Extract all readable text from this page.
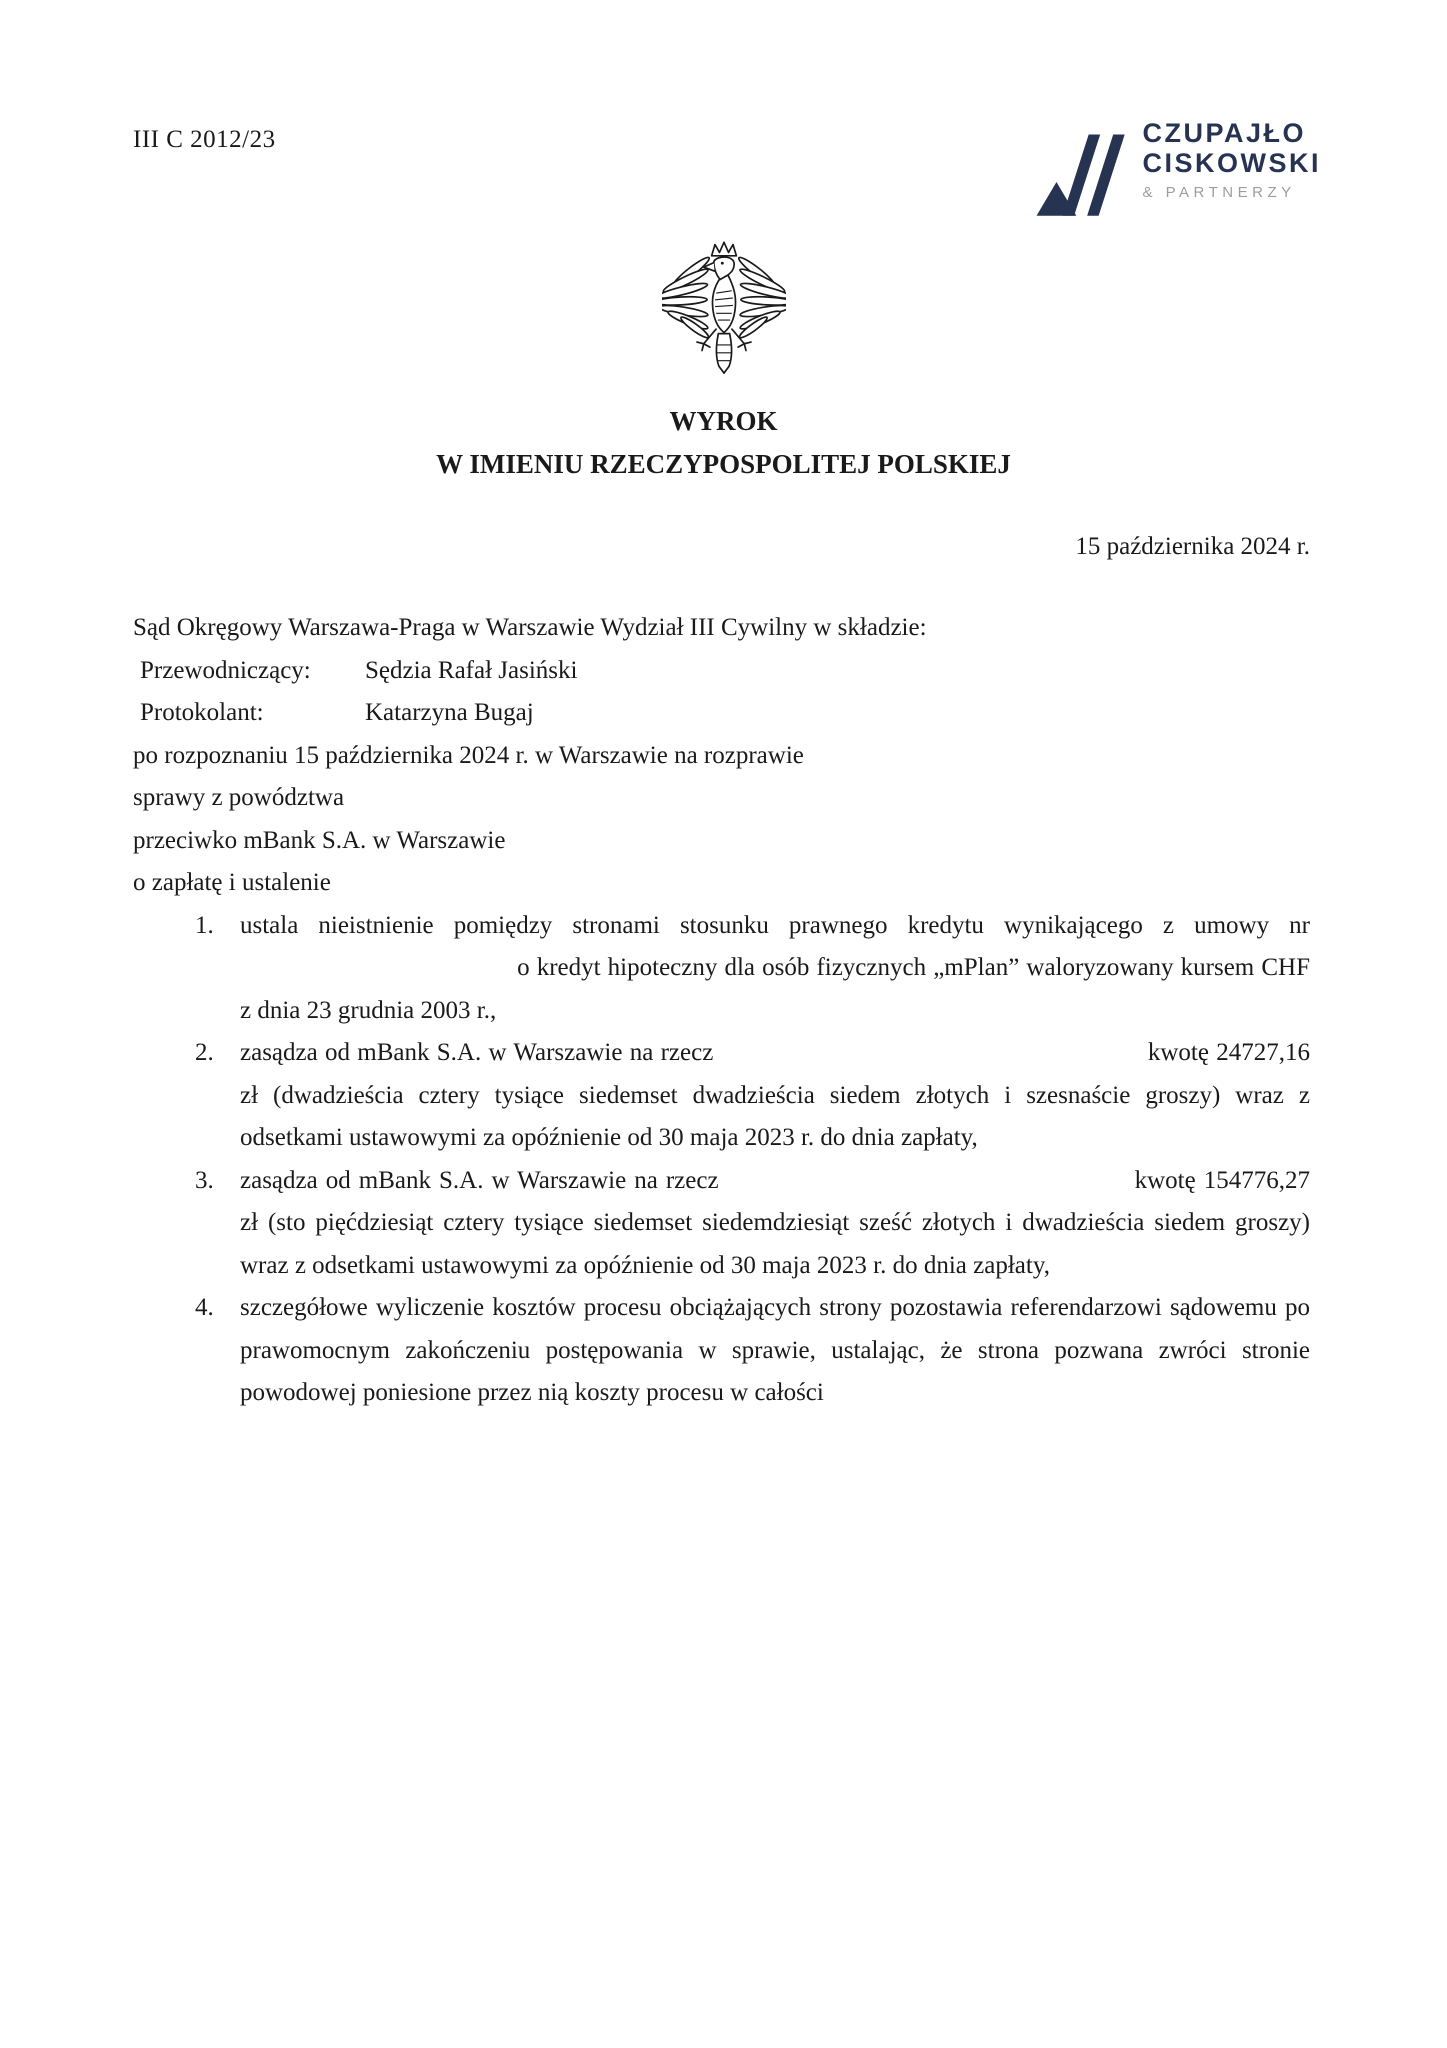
III C 2012/23	CZUPAJŁO
CISKOWSKI
& PARTNERZY
WYROK
W IMIENIU RZECZYPOSPOLITEJ POLSKIEJ
15 października 2024 r.
Sąd Okręgowy Warszawa-Praga w Warszawie Wydział III Cywilny w składzie:
Przewodniczący:	Sędzia Rafał Jasiński
Protokolant:	Katarzyna Bugaj
po rozpoznaniu 15 października 2024 r. w Warszawie na rozprawie
sprawy z powództwa
przeciwko mBank S.A. w Warszawie
o zapłatę i ustalenie
1. ustala nieistnienie pomiędzy stronami stosunku prawnego kredytu wynikającego z umowy nr  o kredyt hipoteczny dla osób fizycznych „mPlan” waloryzowany kursem CHF z dnia 23 grudnia 2003 r.,
2. zasądza od mBank S.A. w Warszawie na rzecz	kwotę 24727,16 zł (dwadzieścia cztery tysiące siedemset dwadzieścia siedem złotych i szesnaście groszy) wraz z odsetkami ustawowymi za opóźnienie od 30 maja 2023 r. do dnia zapłaty,
3. zasądza od mBank S.A. w Warszawie na rzecz	kwotę 154776,27 zł (sto pięćdziesiąt cztery tysiące siedemset siedemdziesiąt sześć złotych i dwadzieścia siedem groszy) wraz z odsetkami ustawowymi za opóźnienie od 30 maja 2023 r. do dnia zapłaty,
4. szczegółowe wyliczenie kosztów procesu obciążających strony pozostawia referendarzowi sądowemu po prawomocnym zakończeniu postępowania w sprawie, ustalając, że strona pozwana zwróci stronie powodowej poniesione przez nią koszty procesu w całości
